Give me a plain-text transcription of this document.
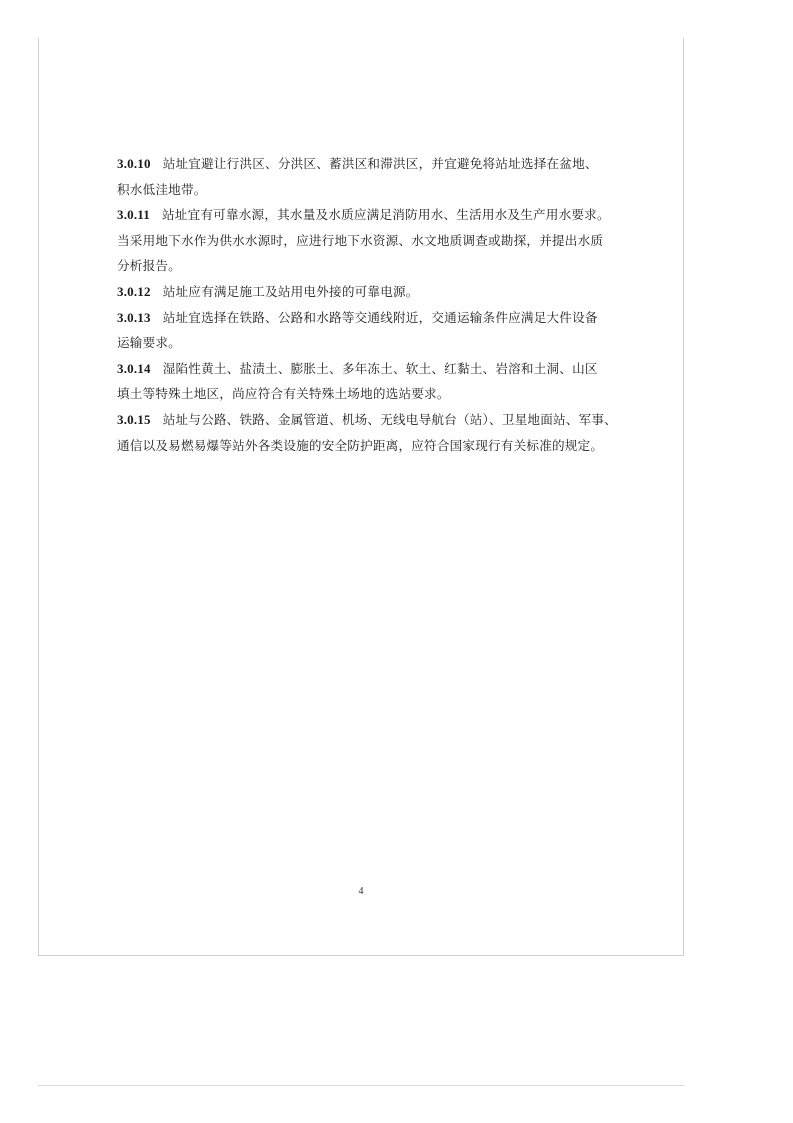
3.0.10 站址宜避让行洪区、分洪区、蓄洪区和滞洪区，并宜避免将站址选择在盆地、
积水低洼地带。

3.0.11 站址宜有可靠水源，其水量及水质应满足消防用水、生活用水及生产用水要求。
当采用地下水作为供水水源时，应进行地下水资源、水文地质调查或勘探，并提出水质
分析报告。

3.0.12 站址应有满足施工及站用电外接的可靠电源。

3.0.13 站址宜选择在铁路、公路和水路等交通线附近，交通运输条件应满足大件设备
运输要求。

3.0.14 湿陷性黄土、盐渍土、膨胀土、多年冻土、软土、红黏土、岩溶和土洞、山区
填土等特殊土地区，尚应符合有关特殊土场地的选站要求。

3.0.15 站址与公路、铁路、金属管道、机场、无线电导航台（站）、卫星地面站、军事、
通信以及易燃易爆等站外各类设施的安全防护距离，应符合国家现行有关标准的规定。

4
